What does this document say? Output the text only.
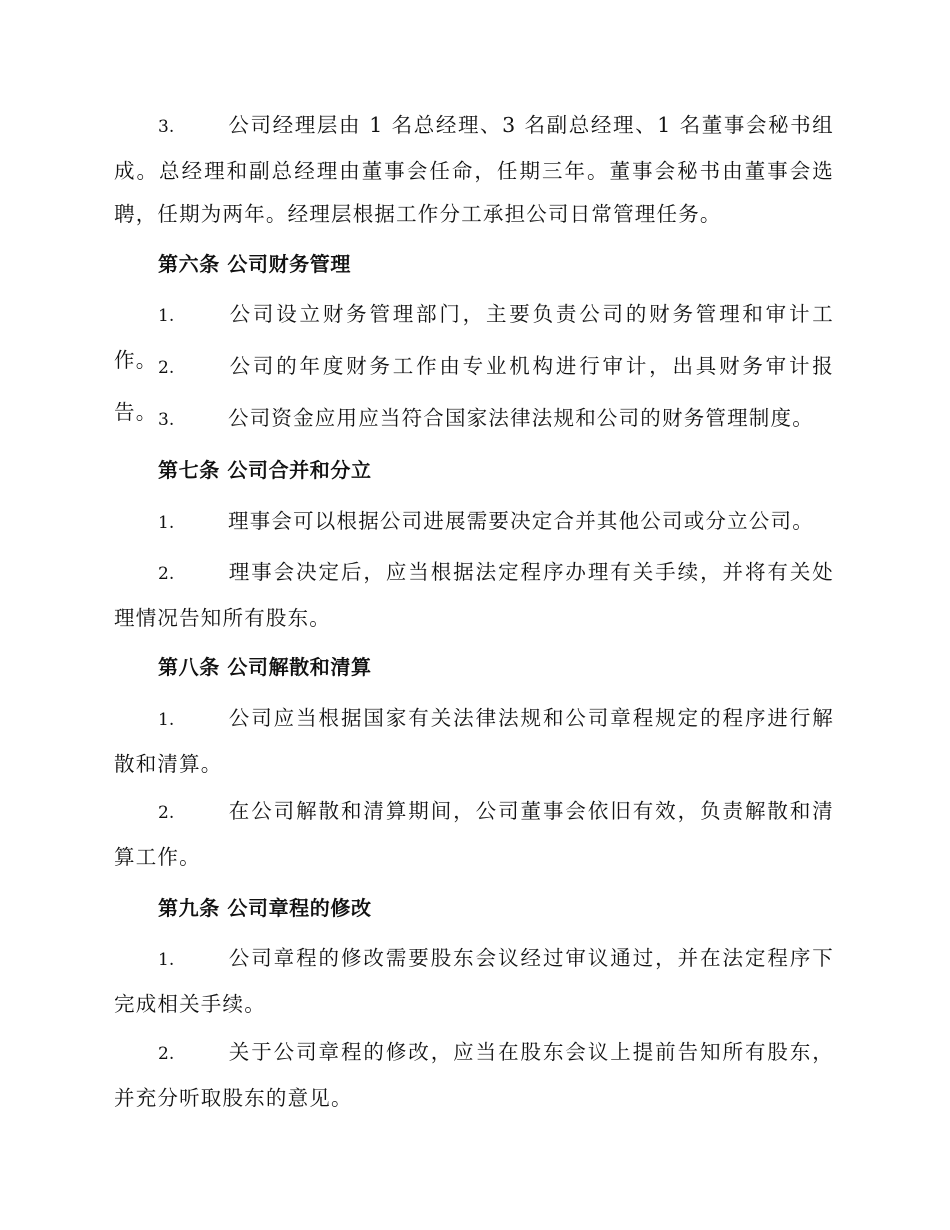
3.	公司经理层由 1 名总经理、3 名副总经理、1 名董事会秘书组成。总经理和副总经理由董事会任命，任期三年。董事会秘书由董事会选聘，任期为两年。经理层根据工作分工承担公司日常管理任务。

第六条 公司财务管理

1.	公司设立财务管理部门，主要负责公司的财务管理和审计工作。 2.	公司的年度财务工作由专业机构进行审计，出具财务审计报告。 3.	公司资金应用应当符合国家法律法规和公司的财务管理制度。

第七条 公司合并和分立

1.	理事会可以根据公司进展需要决定合并其他公司或分立公司。

2.	理事会决定后，应当根据法定程序办理有关手续，并将有关处理情况告知所有股东。

第八条 公司解散和清算

1.	公司应当根据国家有关法律法规和公司章程规定的程序进行解散和清算。

2.	在公司解散和清算期间，公司董事会依旧有效，负责解散和清算工作。

第九条 公司章程的修改

1.	公司章程的修改需要股东会议经过审议通过，并在法定程序下完成相关手续。

2.	关于公司章程的修改，应当在股东会议上提前告知所有股东，并充分听取股东的意见。
